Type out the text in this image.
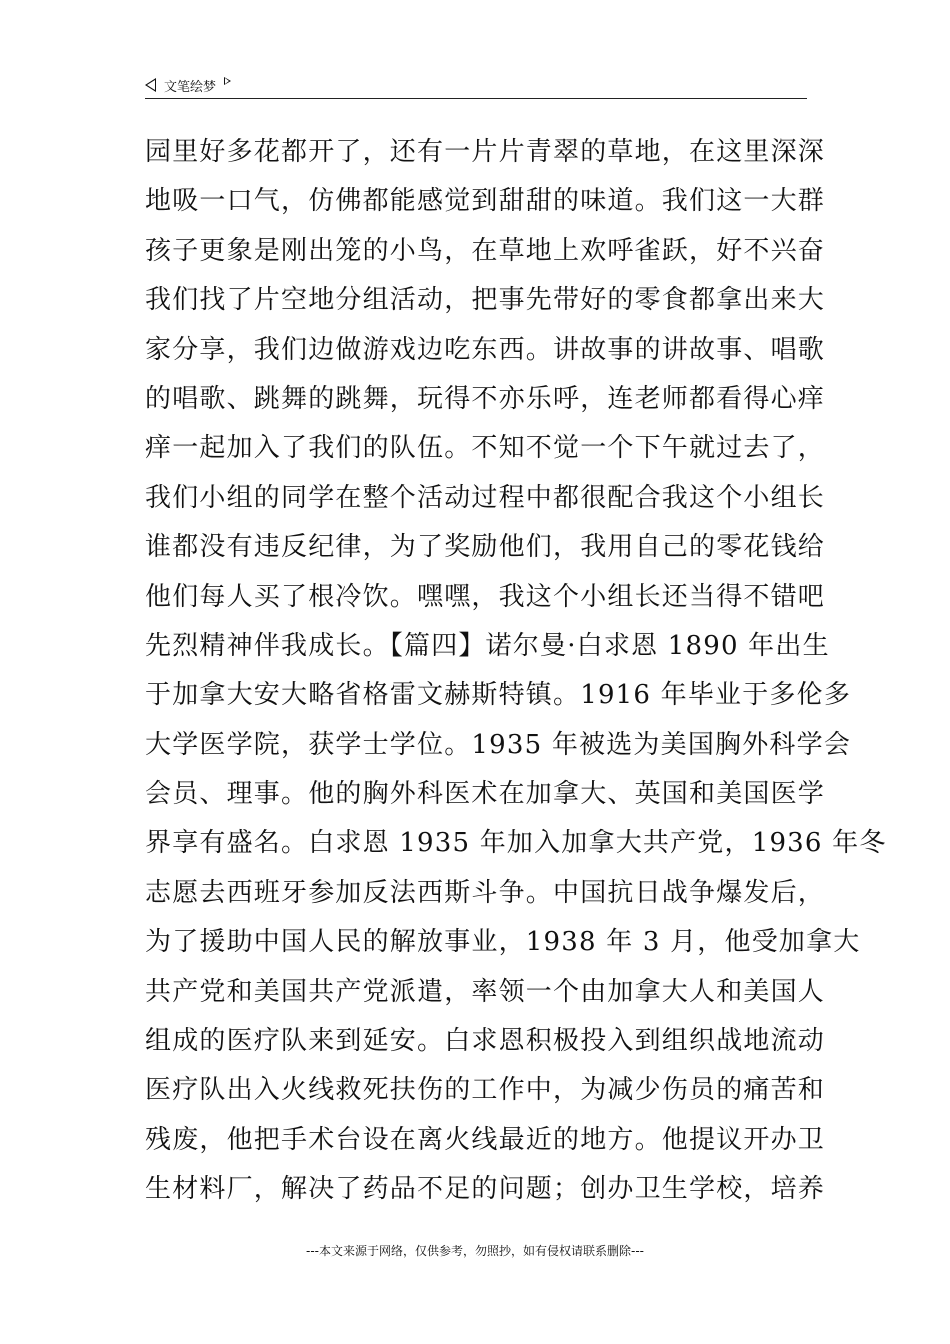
文笔绘梦
园里好多花都开了，还有一片片青翠的草地，在这里深深
地吸一口气，仿佛都能感觉到甜甜的味道。我们这一大群
孩子更象是刚出笼的小鸟，在草地上欢呼雀跃，好不兴奋
我们找了片空地分组活动，把事先带好的零食都拿出来大
家分享，我们边做游戏边吃东西。讲故事的讲故事、唱歌
的唱歌、跳舞的跳舞，玩得不亦乐呼，连老师都看得心痒
痒一起加入了我们的队伍。不知不觉一个下午就过去了，
我们小组的同学在整个活动过程中都很配合我这个小组长
谁都没有违反纪律，为了奖励他们，我用自己的零花钱给
他们每人买了根冷饮。嘿嘿，我这个小组长还当得不错吧
先烈精神伴我成长。【篇四】诺尔曼·白求恩 1890 年出生
于加拿大安大略省格雷文赫斯特镇。1916 年毕业于多伦多
大学医学院，获学士学位。1935 年被选为美国胸外科学会
会员、理事。他的胸外科医术在加拿大、英国和美国医学
界享有盛名。白求恩 1935 年加入加拿大共产党，1936 年冬
志愿去西班牙参加反法西斯斗争。中国抗日战争爆发后，
为了援助中国人民的解放事业，1938 年 3 月，他受加拿大
共产党和美国共产党派遣，率领一个由加拿大人和美国人
组成的医疗队来到延安。白求恩积极投入到组织战地流动
医疗队出入火线救死扶伤的工作中，为减少伤员的痛苦和
残废，他把手术台设在离火线最近的地方。他提议开办卫
生材料厂，解决了药品不足的问题；创办卫生学校，培养
---本文来源于网络，仅供参考，勿照抄，如有侵权请联系删除---
